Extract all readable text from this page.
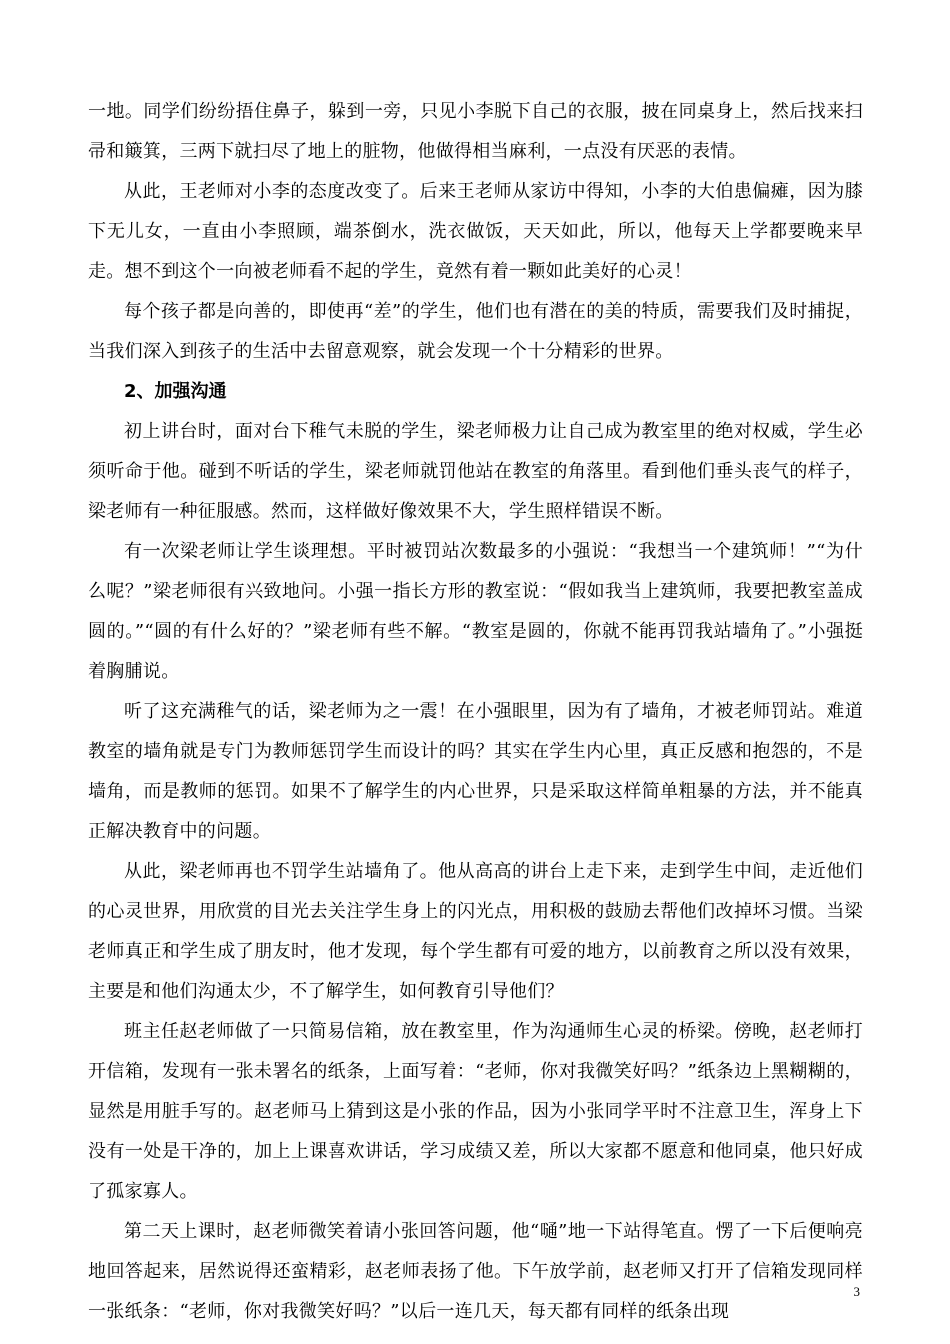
一地。同学们纷纷捂住鼻子，躲到一旁，只见小李脱下自己的衣服，披在同桌身上，然后找来扫帚和簸箕，三两下就扫尽了地上的脏物，他做得相当麻利，一点没有厌恶的表情。

从此，王老师对小李的态度改变了。后来王老师从家访中得知，小李的大伯患偏瘫，因为膝下无儿女，一直由小李照顾，端茶倒水，洗衣做饭，天天如此，所以，他每天上学都要晚来早走。想不到这个一向被老师看不起的学生，竟然有着一颗如此美好的心灵！

每个孩子都是向善的，即使再“差”的学生，他们也有潜在的美的特质，需要我们及时捕捉，当我们深入到孩子的生活中去留意观察，就会发现一个十分精彩的世界。

2、加强沟通

初上讲台时，面对台下稚气未脱的学生，梁老师极力让自己成为教室里的绝对权威，学生必须听命于他。碰到不听话的学生，梁老师就罚他站在教室的角落里。看到他们垂头丧气的样子，梁老师有一种征服感。然而，这样做好像效果不大，学生照样错误不断。

有一次梁老师让学生谈理想。平时被罚站次数最多的小强说：“我想当一个建筑师！”“为什么呢？”梁老师很有兴致地问。小强一指长方形的教室说：“假如我当上建筑师，我要把教室盖成圆的。”“圆的有什么好的？”梁老师有些不解。“教室是圆的，你就不能再罚我站墙角了。”小强挺着胸脯说。

听了这充满稚气的话，梁老师为之一震！在小强眼里，因为有了墙角，才被老师罚站。难道教室的墙角就是专门为教师惩罚学生而设计的吗？其实在学生内心里，真正反感和抱怨的，不是墙角，而是教师的惩罚。如果不了解学生的内心世界，只是采取这样简单粗暴的方法，并不能真正解决教育中的问题。

从此，梁老师再也不罚学生站墙角了。他从高高的讲台上走下来，走到学生中间，走近他们的心灵世界，用欣赏的目光去关注学生身上的闪光点，用积极的鼓励去帮他们改掉坏习惯。当梁老师真正和学生成了朋友时，他才发现，每个学生都有可爱的地方，以前教育之所以没有效果，主要是和他们沟通太少，不了解学生，如何教育引导他们？

班主任赵老师做了一只简易信箱，放在教室里，作为沟通师生心灵的桥梁。傍晚，赵老师打开信箱，发现有一张未署名的纸条，上面写着：“老师，你对我微笑好吗？”纸条边上黑糊糊的，显然是用脏手写的。赵老师马上猜到这是小张的作品，因为小张同学平时不注意卫生，浑身上下没有一处是干净的，加上上课喜欢讲话，学习成绩又差，所以大家都不愿意和他同桌，他只好成了孤家寡人。

第二天上课时，赵老师微笑着请小张回答问题，他“嗵”地一下站得笔直。愣了一下后便响亮地回答起来，居然说得还蛮精彩，赵老师表扬了他。下午放学前，赵老师又打开了信箱发现同样一张纸条：“老师，你对我微笑好吗？”以后一连几天，每天都有同样的纸条出现

3
